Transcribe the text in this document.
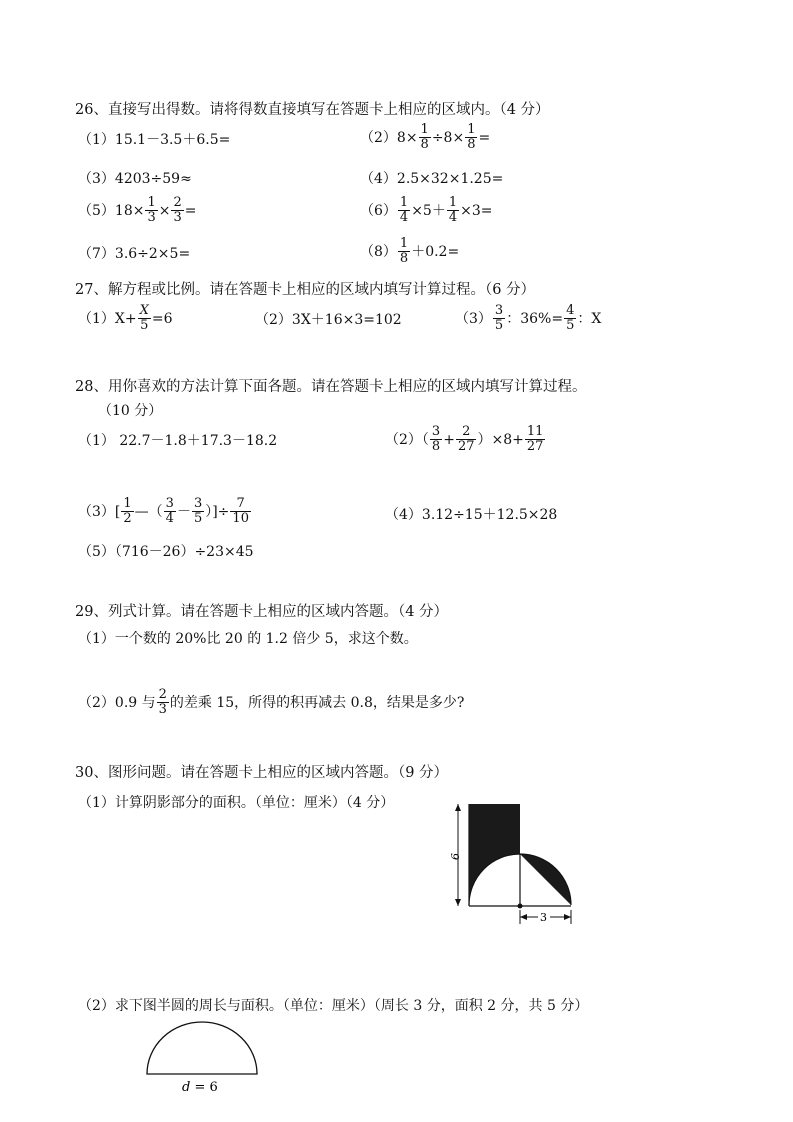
26、直接写出得数。请将得数直接填写在答题卡上相应的区域内。（4 分）
（1）15.1－3.5＋6.5=	$(2)8\times \frac{1}{8} \div 8\times \frac{1}{8}$ =
（3）4203÷59≈	（4）2.5×32×1.25=
$(5)18\times \frac{1}{3} \times \frac{2}{3}$ =	$(6) \frac{1}{4} \times 5+ \frac{1}{4} \times 3=$
（7）3.6÷2×5=	$(8) \frac{1}{8} +0.2=$
27、解方程或比例。请在答题卡上相应的区域内填写计算过程。（6 分）
$(1)X+ \frac{X}{5} =6$	（2）3X＋16×3=102	$(3) \frac{3}{5}$ ：$36\%= \frac{4}{5}$ ：X
28、用你喜欢的方法计算下面各题。请在答题卡上相应的区域内填写计算过程。
（10 分）
（1） 22.7－1.8＋17.3－18.2	$(2)( \frac{3}{8} + \frac{2}{27} )\times 8+ \frac{11}{27}$
$(3)[ \frac{1}{2}$ —（ $\frac{3}{4} - \frac{3}{5}$ ）]÷ $\frac{7}{10}$	（4）3.12÷15＋12.5×28
（5）（716－26）÷23×45
29、列式计算。请在答题卡上相应的区域内答题。（4 分）
（1）一个数的 20%比 20 的 1.2 倍少 5，求这个数。
（2）0.9 与 $\frac{2}{3}$ 的差乘 15，所得的积再减去 0.8，结果是多少?
30、图形问题。请在答题卡上相应的区域内答题。（9 分）
（1）计算阴影部分的面积。（单位：厘米）（4 分）
6
3
（2）求下图半圆的周长与面积。（单位：厘米）（周长 3 分，面积 2 分，共 5 分）
d = 6
